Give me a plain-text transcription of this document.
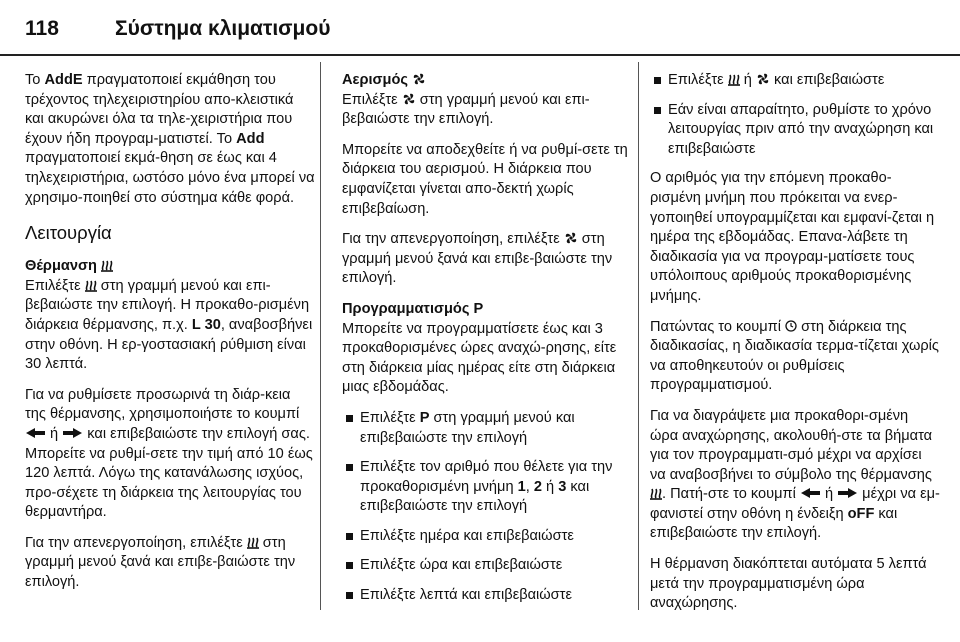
118	Σύστημα κλιματισμού

Το AddE πραγματοποιεί εκμάθηση του τρέχοντος τηλεχειριστηρίου απο-κλειστικά και ακυρώνει όλα τα τηλε-χειριστήρια που έχουν ήδη προγραμ-ματιστεί. Το Add πραγματοποιεί εκμά-θηση σε έως και 4 τηλεχειριστήρια, ωστόσο μόνο ένα μπορεί να χρησιμο-ποιηθεί στο σύστημα κάθε φορά.

Λειτουργία
Θέρμανση

Επιλέξτε
στη γραμμή μενού και επι-βεβαιώστε την επιλογή. Η προκαθο-ρισμένη διάρκεια θέρμανσης, π.χ. L 30, αναβοσβήνει στην οθόνη. Η ερ-γοστασιακή ρύθμιση είναι 30 λεπτά.

Για να ρυθμίσετε προσωρινά τη διάρ-κεια της θέρμανσης, χρησιμοποιήστε το κουμπί
ή
και επιβεβαιώστε την επιλογή σας. Μπορείτε να ρυθμί-σετε την τιμή από 10 έως 120 λεπτά. Λόγω της κατανάλωσης ισχύος, προ-σέχετε τη διάρκεια της λειτουργίας του θερμαντήρα.

Για την απενεργοποίηση, επιλέξτε
στη γραμμή μενού ξανά και επιβε-βαιώστε την επιλογή.

Αερισμός

Επιλέξτε
στη γραμμή μενού και επι-βεβαιώστε την επιλογή.

Μπορείτε να αποδεχθείτε ή να ρυθμί-σετε τη διάρκεια του αερισμού. Η διάρκεια που εμφανίζεται γίνεται απο-δεκτή χωρίς επιβεβαίωση.

Για την απενεργοποίηση, επιλέξτε
στη γραμμή μενού ξανά και επιβε-βαιώστε την επιλογή.

Προγραμματισμός P

Μπορείτε να προγραμματίσετε έως και 3 προκαθορισμένες ώρες αναχώ-ρησης, είτε στη διάρκεια μίας ημέρας είτε στη διάρκεια μιας εβδομάδας.

Επιλέξτε P στη γραμμή μενού και επιβεβαιώστε την επιλογή
Επιλέξτε τον αριθμό που θέλετε για την προκαθορισμένη μνήμη 1, 2 ή 3 και επιβεβαιώστε την επιλογή
Επιλέξτε ημέρα και επιβεβαιώστε
Επιλέξτε ώρα και επιβεβαιώστε
Επιλέξτε λεπτά και επιβεβαιώστε
Επιλέξτε
ή
και επιβεβαιώστε
Εάν είναι απαραίτητο, ρυθμίστε το χρόνο λειτουργίας πριν από την αναχώρηση και επιβεβαιώστε

Ο αριθμός για την επόμενη προκαθο-ρισμένη μνήμη που πρόκειται να ενερ-γοποιηθεί υπογραμμίζεται και εμφανί-ζεται η ημέρα της εβδομάδας. Επανα-λάβετε τη διαδικασία για να προγραμ-ματίσετε τους υπόλοιπους αριθμούς προκαθορισμένης μνήμης.

Πατώντας το κουμπί
στη διάρκεια της διαδικασίας, η διαδικασία τερμα-τίζεται χωρίς να αποθηκευτούν οι ρυθμίσεις προγραμματισμού.

Για να διαγράψετε μια προκαθορι-σμένη ώρα αναχώρησης, ακολουθή-στε τα βήματα για τον προγραμματι-σμό μέχρι να αρχίσει να αναβοσβήνει το σύμβολο της θέρμανσης
. Πατή-στε το κουμπί
ή
μέχρι να εμ-φανιστεί στην οθόνη η ένδειξη oFF και επιβεβαιώστε την επιλογή.

Η θέρμανση διακόπτεται αυτόματα 5 λεπτά μετά την προγραμματισμένη ώρα αναχώρησης.
